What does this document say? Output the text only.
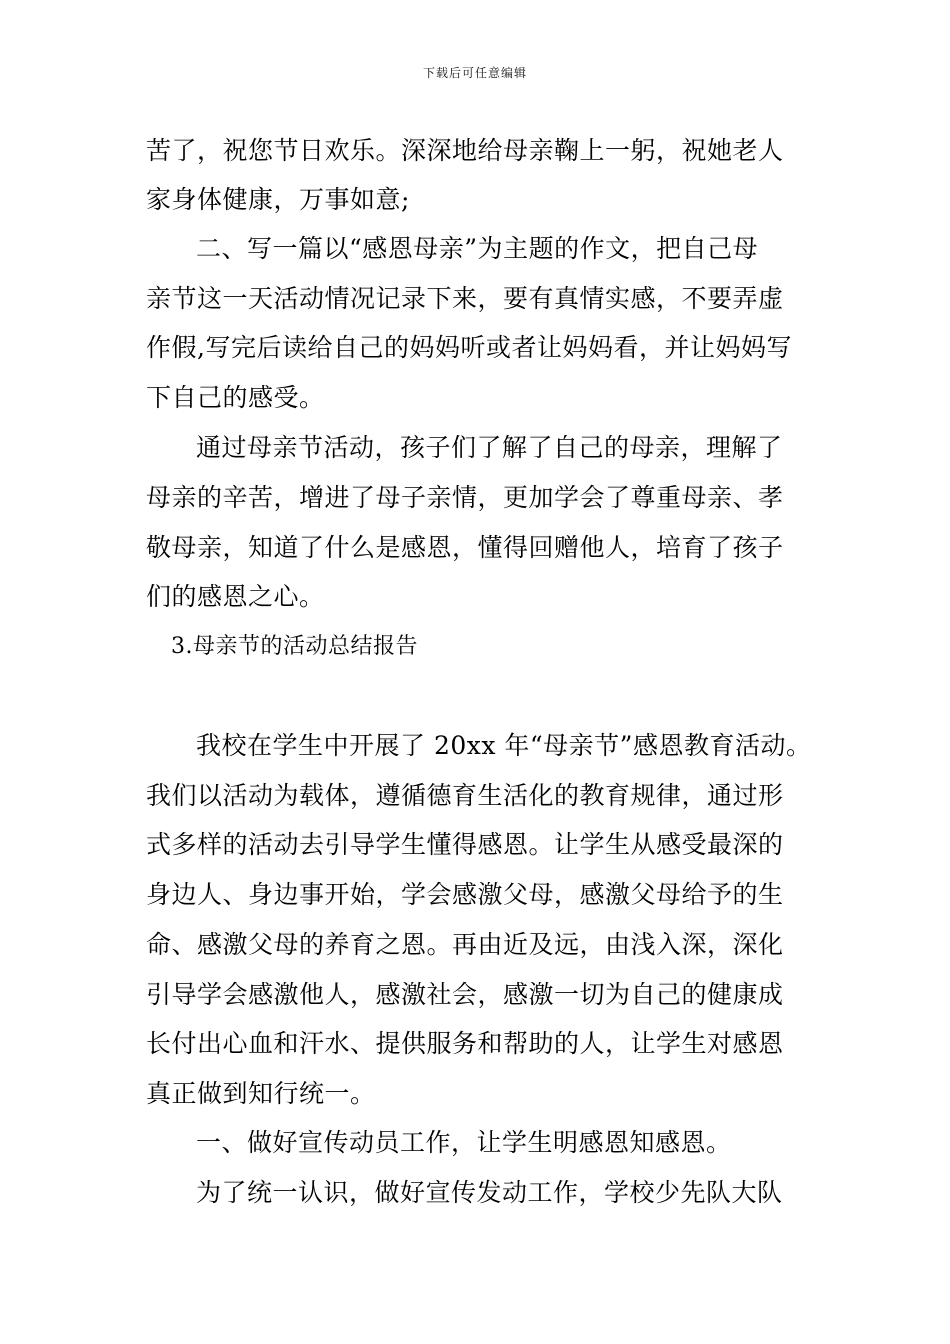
下载后可任意编辑
苦了，祝您节日欢乐。深深地给母亲鞠上一躬，祝她老人
家身体健康，万事如意;
二、写一篇以“感恩母亲”为主题的作文，把自己母
亲节这一天活动情况记录下来，要有真情实感，不要弄虚
作假,写完后读给自己的妈妈听或者让妈妈看，并让妈妈写
下自己的感受。
通过母亲节活动，孩子们了解了自己的母亲，理解了
母亲的辛苦，增进了母子亲情，更加学会了尊重母亲、孝
敬母亲，知道了什么是感恩，懂得回赠他人，培育了孩子
们的感恩之心。
3.母亲节的活动总结报告
我校在学生中开展了 20xx 年“母亲节”感恩教育活动。
我们以活动为载体，遵循德育生活化的教育规律，通过形
式多样的活动去引导学生懂得感恩。让学生从感受最深的
身边人、身边事开始，学会感激父母，感激父母给予的生
命、感激父母的养育之恩。再由近及远，由浅入深，深化
引导学会感激他人，感激社会，感激一切为自己的健康成
长付出心血和汗水、提供服务和帮助的人，让学生对感恩
真正做到知行统一。
一、做好宣传动员工作，让学生明感恩知感恩。
为了统一认识，做好宣传发动工作，学校少先队大队
